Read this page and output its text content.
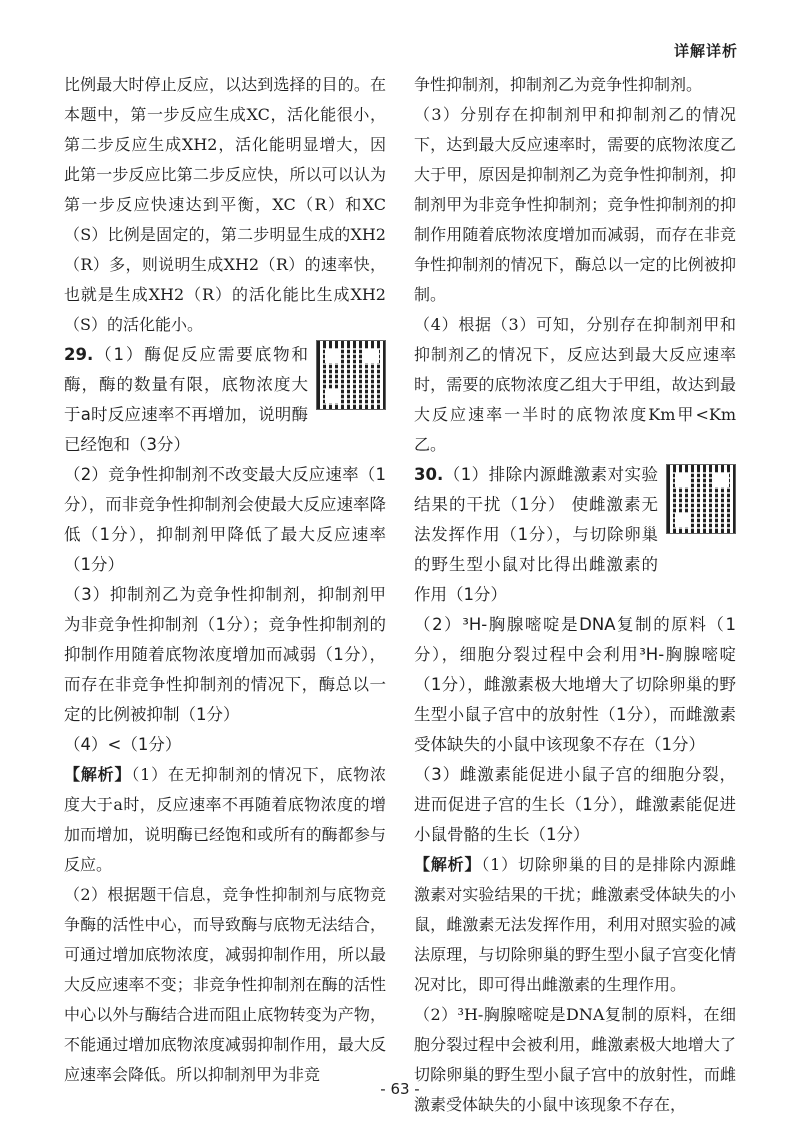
详解详析

比例最大时停止反应，以达到选择的目的。在本题中，第一步反应生成XC，活化能很小，第二步反应生成XH2，活化能明显增大，因此第一步反应比第二步反应快，所以可以认为第一步反应快速达到平衡，XC（R）和XC（S）比例是固定的，第二步明显生成的XH2（R）多，则说明生成XH2（R）的速率快，也就是生成XH2（R）的活化能比生成XH2（S）的活化能小。

29.（1）酶促反应需要底物和酶，酶的数量有限，底物浓度大于a时反应速率不再增加，说明酶已经饱和（3分）

（2）竞争性抑制剂不改变最大反应速率（1分），而非竞争性抑制剂会使最大反应速率降低（1分），抑制剂甲降低了最大反应速率（1分）

（3）抑制剂乙为竞争性抑制剂，抑制剂甲为非竞争性抑制剂（1分）；竞争性抑制剂的抑制作用随着底物浓度增加而减弱（1分），而存在非竞争性抑制剂的情况下，酶总以一定的比例被抑制（1分）

（4）<（1分）

【解析】（1）在无抑制剂的情况下，底物浓度大于a时，反应速率不再随着底物浓度的增加而增加，说明酶已经饱和或所有的酶都参与反应。

（2）根据题干信息，竞争性抑制剂与底物竞争酶的活性中心，而导致酶与底物无法结合，可通过增加底物浓度，减弱抑制作用，所以最大反应速率不变；非竞争性抑制剂在酶的活性中心以外与酶结合进而阻止底物转变为产物，不能通过增加底物浓度减弱抑制作用，最大反应速率会降低。所以抑制剂甲为非竞

争性抑制剂，抑制剂乙为竞争性抑制剂。

（3）分别存在抑制剂甲和抑制剂乙的情况下，达到最大反应速率时，需要的底物浓度乙大于甲，原因是抑制剂乙为竞争性抑制剂，抑制剂甲为非竞争性抑制剂；竞争性抑制剂的抑制作用随着底物浓度增加而减弱，而存在非竞争性抑制剂的情况下，酶总以一定的比例被抑制。

（4）根据（3）可知，分别存在抑制剂甲和抑制剂乙的情况下，反应达到最大反应速率时，需要的底物浓度乙组大于甲组，故达到最大反应速率一半时的底物浓度Km甲<Km乙。

30.（1）排除内源雌激素对实验结果的干扰（1分） 使雌激素无法发挥作用（1分），与切除卵巢的野生型小鼠对比得出雌激素的作用（1分）

（2）³H-胸腺嘧啶是DNA复制的原料（1分），细胞分裂过程中会利用³H-胸腺嘧啶（1分），雌激素极大地增大了切除卵巢的野生型小鼠子宫中的放射性（1分），而雌激素受体缺失的小鼠中该现象不存在（1分）

（3）雌激素能促进小鼠子宫的细胞分裂，进而促进子宫的生长（1分），雌激素能促进小鼠骨骼的生长（1分）

【解析】（1）切除卵巢的目的是排除内源雌激素对实验结果的干扰；雌激素受体缺失的小鼠，雌激素无法发挥作用，利用对照实验的减法原理，与切除卵巢的野生型小鼠子宫变化情况对比，即可得出雌激素的生理作用。

（2）³H-胸腺嘧啶是DNA复制的原料，在细胞分裂过程中会被利用，雌激素极大地增大了切除卵巢的野生型小鼠子宫中的放射性，而雌激素受体缺失的小鼠中该现象不存在，

- 63 -
